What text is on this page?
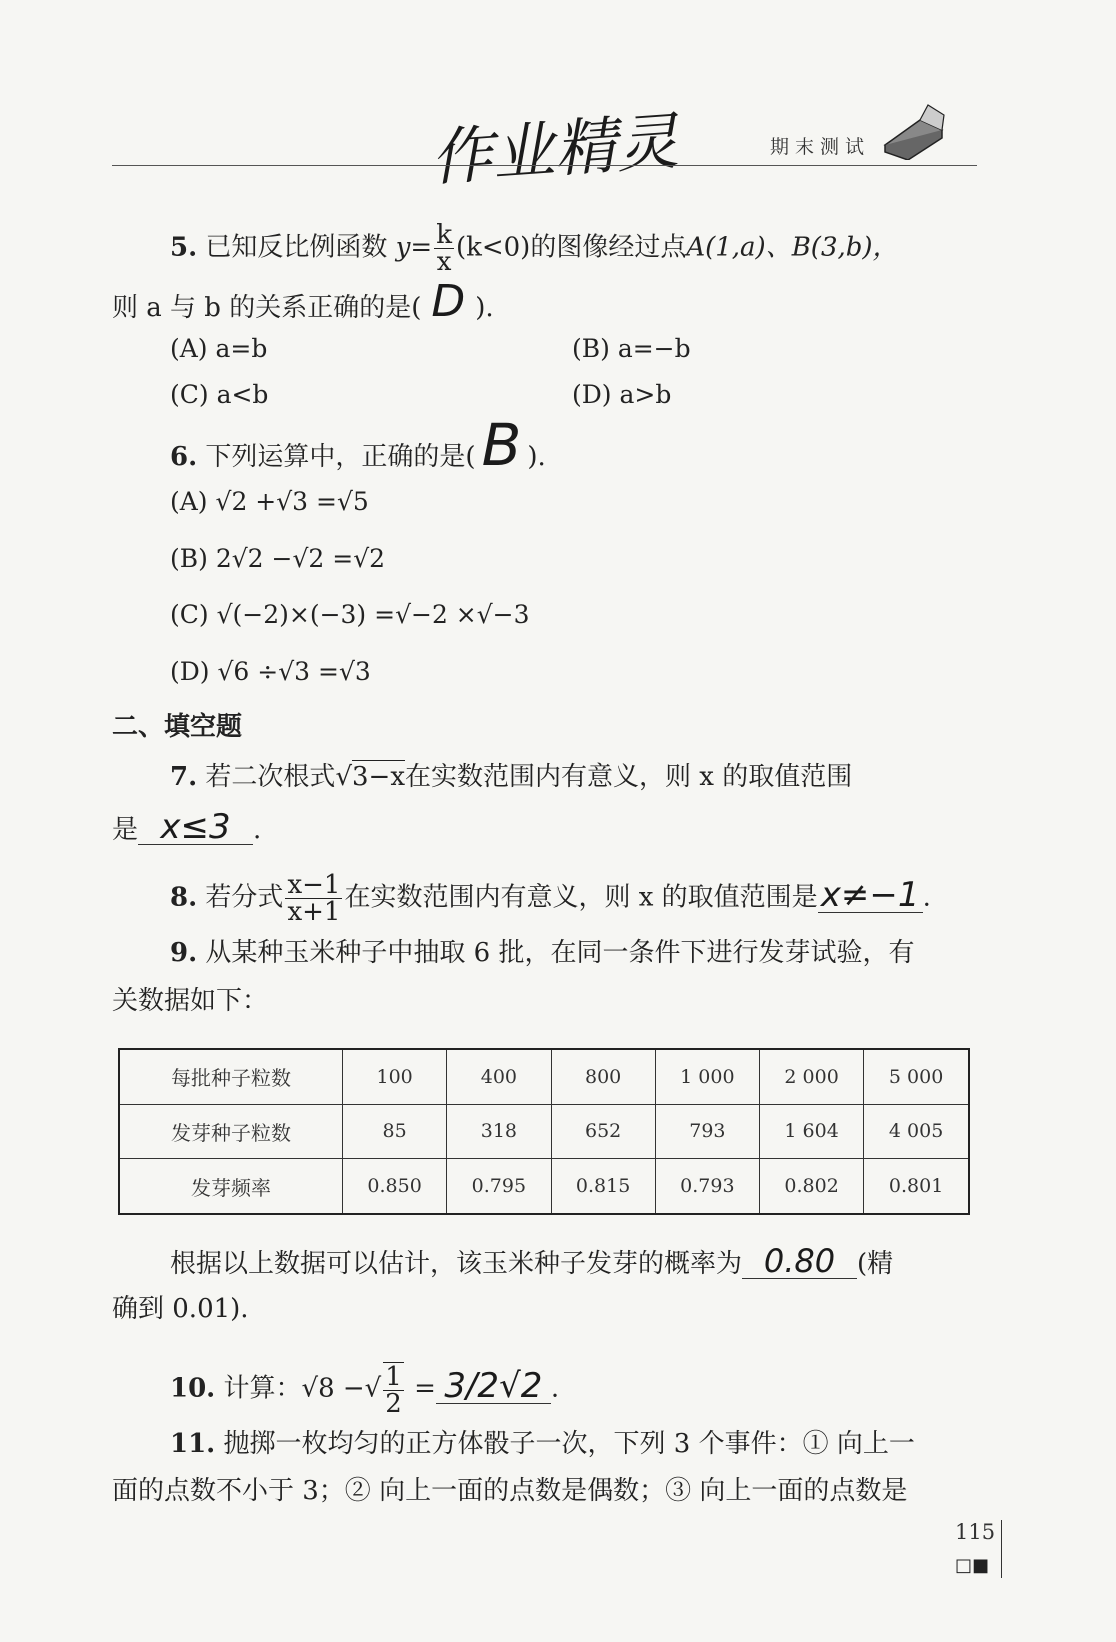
作业精灵	期末测试
5. 已知反比例函数 $y= \frac{k}{x} (k<0)$的图像经过点A(1,a)、B(3,b)，
则 a 与 b 的关系正确的是( D ).
(A) a=b	(B) a=−b
(C) a<b	(D) a>b
6. 下列运算中，正确的是( B ).
(A) √2 +√3 =√5
(B) 2√2 −√2 =√2
(C) √(−2)×(−3) =√−2 ×√−3
(D) √6 ÷√3 =√3
二、填空题
7. 若二次根式√3−x在实数范围内有意义，则 x 的取值范围
是 x≤3 .
8. 若分式 $\frac{x-1}{x+1}$ 在实数范围内有意义，则 x 的取值范围是x≠−1 .
9. 从某种玉米种子中抽取 6 批，在同一条件下进行发芽试验，有
关数据如下：
每批种子粒数	100	400	800	1 000	2 000	5 000
发芽种子粒数	85	318	652	793	1 604	4 005
发芽频率	0.850	0.795	0.815	0.793	0.802	0.801
根据以上数据可以估计，该玉米种子发芽的概率为 0.80 (精
确到 0.01).
10. 计算：√8 −√ $\frac{1}{2} = 3/2√2$ .
11. 抛掷一枚均匀的正方体骰子一次，下列 3 个事件：① 向上一
面的点数不小于 3；② 向上一面的点数是偶数；③ 向上一面的点数是
115
□■
